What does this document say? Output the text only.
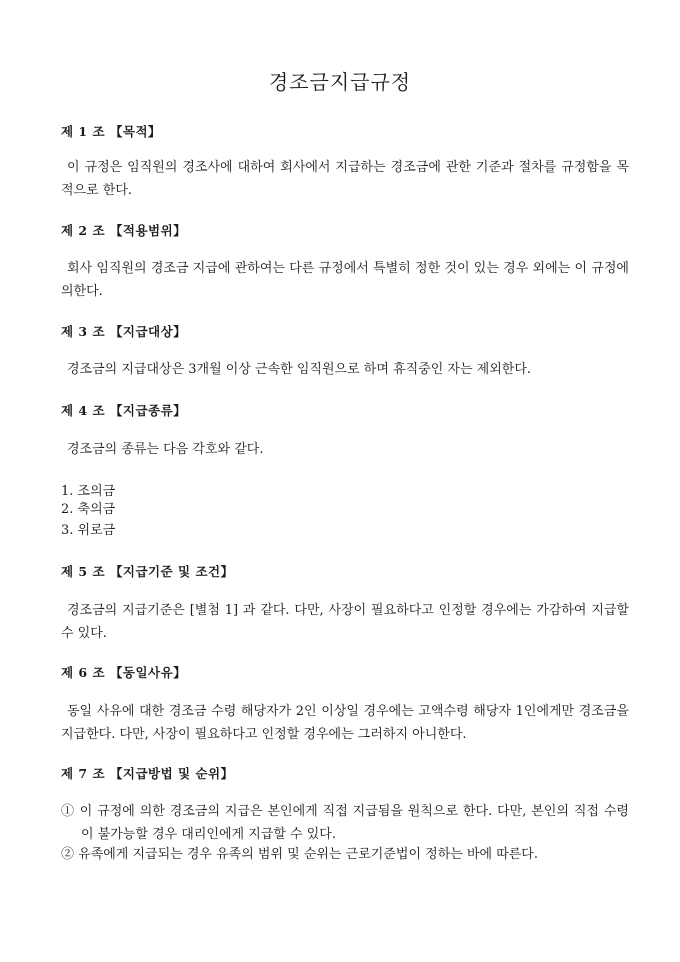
경조금지급규정
제 1 조 【목적】
이 규정은 임직원의 경조사에 대하여 회사에서 지급하는 경조금에 관한 기준과 절차를 규정함을 목적으로 한다.
제 2 조 【적용범위】
회사 임직원의 경조금 지급에 관하여는 다른 규정에서 특별히 정한 것이 있는 경우 외에는 이 규정에 의한다.
제 3 조 【지급대상】
경조금의 지급대상은 3개월 이상 근속한 임직원으로 하며 휴직중인 자는 제외한다.
제 4 조 【지급종류】
경조금의 종류는 다음 각호와 같다.
1. 조의금
2. 축의금
3. 위로금
제 5 조 【지급기준 및 조건】
경조금의 지급기준은 [별첨 1] 과 같다. 다만, 사장이 필요하다고 인정할 경우에는 가감하여 지급할 수 있다.
제 6 조 【동일사유】
동일 사유에 대한 경조금 수령 해당자가 2인 이상일 경우에는 고액수령 해당자 1인에게만 경조금을 지급한다. 다만, 사장이 필요하다고 인정할 경우에는 그러하지 아니한다.
제 7 조 【지급방법 및 순위】
① 이 규정에 의한 경조금의 지급은 본인에게 직접 지급됨을 원칙으로 한다. 다만, 본인의 직접 수령이 불가능할 경우 대리인에게 지급할 수 있다.
② 유족에게 지급되는 경우 유족의 범위 및 순위는 근로기준법이 정하는 바에 따른다.
